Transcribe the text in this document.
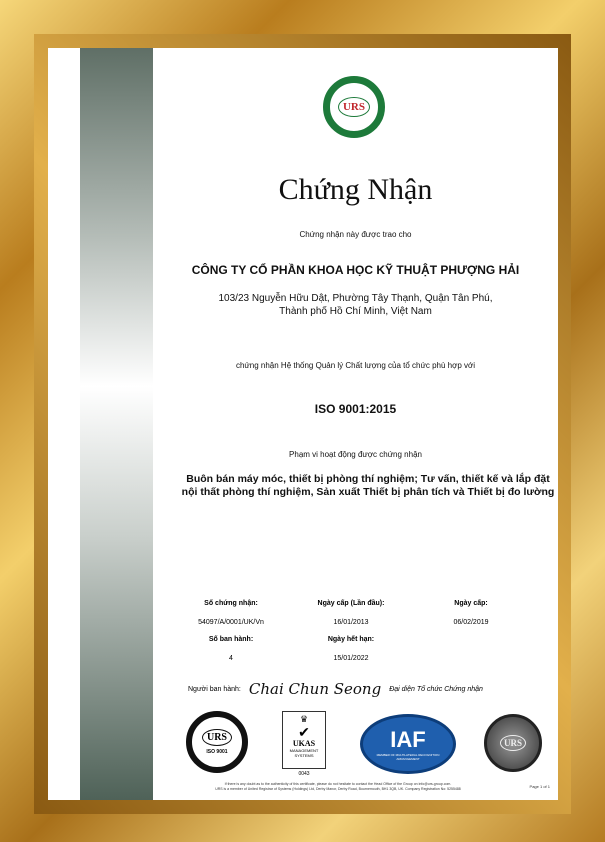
URS
Chứng Nhận
Chứng nhận này được trao cho
CÔNG TY CỔ PHẦN KHOA HỌC KỸ THUẬT PHƯỢNG HẢI
103/23 Nguyễn Hữu Dật, Phường Tây Thạnh, Quận Tân Phú,
Thành phố Hồ Chí Minh, Việt Nam
chứng nhận Hệ thống Quản lý Chất lượng của tổ chức phù hợp với
ISO 9001:2015
Phạm vi hoạt động được chứng nhận
Buôn bán máy móc, thiết bị phòng thí nghiệm; Tư vấn, thiết kế và lắp đặt nội thất phòng thí nghiệm, Sản xuất Thiết bị phân tích và Thiết bị đo lường
Số chứng nhận:
54097/A/0001/UK/Vn
Số ban hành:
4
Ngày cấp (Lần đầu):
16/01/2013
Ngày hết hạn:
15/01/2022
Ngày cấp:
06/02/2019
Người ban hành: Chai Chun Seong Đại diện Tổ chức Chứng nhận
URS
ISO 9001
♛
✔
UKAS
MANAGEMENT SYSTEMS
0043
IAF
MEMBER OF MULTILATERAL RECOGNITION ARRANGEMENT
URS
If there is any doubt as to the authenticity of this certificate, please do not hesitate to contact the Head Office of the Group on info@urs-group.com.
URS is a member of United Registrar of Systems (Holdings) Ltd, Derby Manor, Derby Road, Bournemouth, BH1 3QB, UK. Company Registration No: 5255488	Page 1 of 1
